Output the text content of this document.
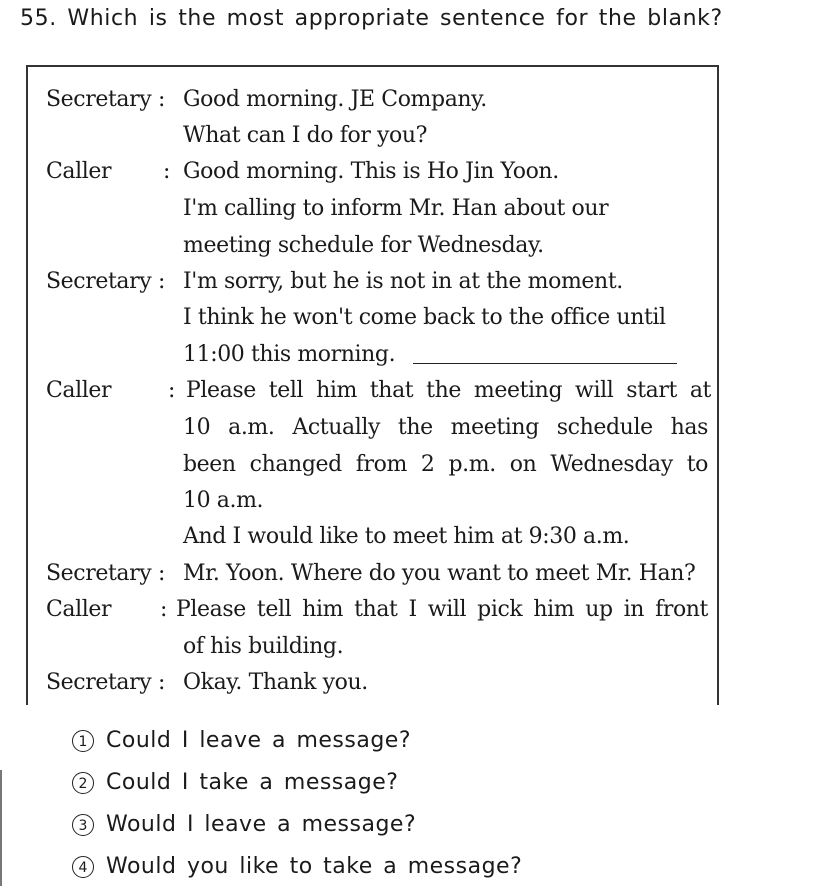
55. Which is the most appropriate sentence for the blank?
Secretary : Good morning. JE Company.
What can I do for you?
Caller : Good morning. This is Ho Jin Yoon.
I'm calling to inform Mr. Han about our
meeting schedule for Wednesday.
Secretary : I'm sorry, but he is not in at the moment.
I think he won't come back to the office until
11:00 this morning.
Caller	: Please tell him that the meeting will start at
10 a.m. Actually the meeting schedule has
been changed from 2 p.m. on Wednesday to
10 a.m.
And I would like to meet him at 9:30 a.m.
Secretary : Mr. Yoon. Where do you want to meet Mr. Han?
Caller : Please tell him that I will pick him up in front
of his building.
Secretary : Okay. Thank you.
1 Could I leave a message?
2 Could I take a message?
3 Would I leave a message?
4 Would you like to take a message?
